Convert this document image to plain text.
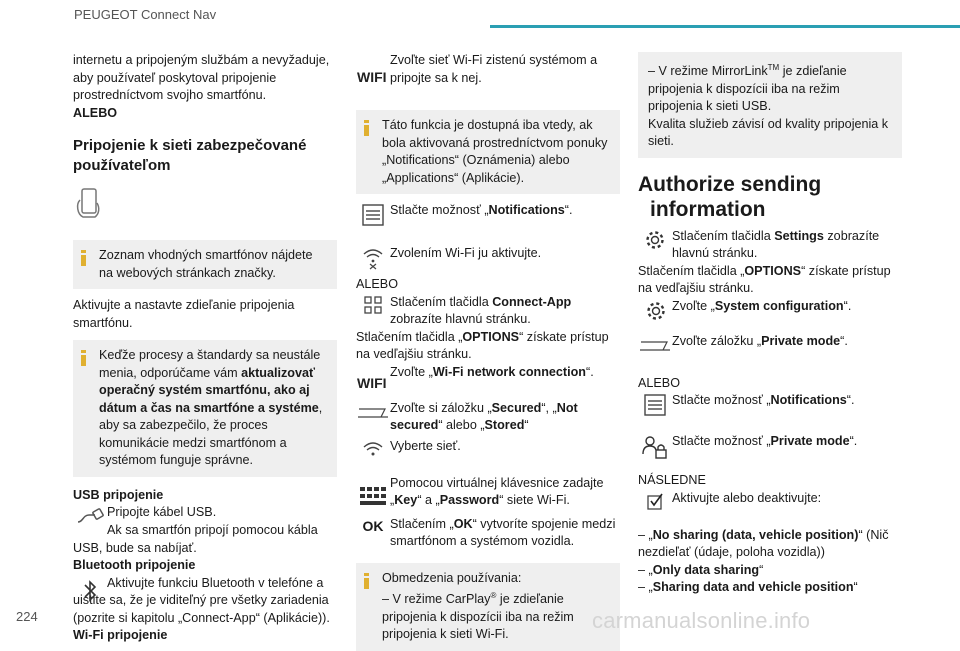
PEUGEOT Connect Nav

internetu a pripojeným službám a nevyžaduje, aby používateľ poskytoval pripojenie prostredníctvom svojho smartfónu.

ALEBO

Pripojenie k sieti zabezpečované používateľom

Zoznam vhodných smartfónov nájdete na webových stránkach značky.

Aktivujte a nastavte zdieľanie pripojenia smartfónu.

Keďže procesy a štandardy sa neustále menia, odporúčame vám aktualizovať operačný systém smartfónu, ako aj dátum a čas na smartfóne a systéme, aby sa zabezpečilo, že proces komunikácie medzi smartfónom a systémom funguje správne.

USB pripojenie

Pripojte kábel USB.

Ak sa smartfón pripojí pomocou kábla USB, bude sa nabíjať.

Bluetooth pripojenie

Aktivujte funkciu Bluetooth v telefóne a uistite sa, že je viditeľný pre všetky zariadenia (pozrite si kapitolu „Connect-App“ (Aplikácie)).

Wi-Fi pripojenie

WIFI
Zvoľte sieť Wi-Fi zistenú systémom a pripojte sa k nej.
Táto funkcia je dostupná iba vtedy, ak bola aktivovaná prostredníctvom ponuky „Notifications“ (Oznámenia) alebo „Applications“ (Aplikácie).
Stlačte možnosť „Notifications“.
Zvolením Wi-Fi ju aktivujte.

ALEBO

Stlačením tlačidla Connect-App zobrazíte hlavnú stránku.

Stlačením tlačidla „OPTIONS“ získate prístup na vedľajšiu stránku.

WIFI
Zvoľte „Wi-Fi network connection“.
Zvoľte si záložku „Secured“, „Not secured“ alebo „Stored“
Vyberte sieť.
Pomocou virtuálnej klávesnice zadajte „Key“ a „Password“ siete Wi-Fi.
OK Stlačením „OK“ vytvoríte spojenie medzi smartfónom a systémom vozidla.
Obmedzenia používania:
– V režime CarPlay® je zdieľanie pripojenia k dispozícii iba na režim pripojenia k sieti Wi-Fi.
– V režime MirrorLink™ je zdieľanie pripojenia k dispozícii iba na režim pripojenia k sieti USB.
Kvalita služieb závisí od kvality pripojenia k sieti.

Authorize sending information

Stlačením tlačidla Settings zobrazíte hlavnú stránku.

Stlačením tlačidla „OPTIONS“ získate prístup na vedľajšiu stránku.

Zvoľte „System configuration“.
Zvoľte záložku „Private mode“.

ALEBO

Stlačte možnosť „Notifications“.
Stlačte možnosť „Private mode“.

NÁSLEDNE

Aktivujte alebo deaktivujte:

– „No sharing (data, vehicle position)“ (Nič nezdieľať (údaje, poloha vozidla))

– „Only data sharing“

– „Sharing data and vehicle position“

224	carmanualsonline.info
